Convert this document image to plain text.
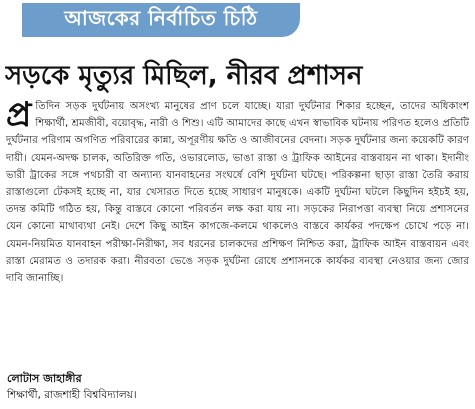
আজকের নির্বাচিত চিঠি
সড়কে মৃত্যুর মিছিল, নীরব প্রশাসন
প্র তিদিন সড়ক দুর্ঘটনায় অসংখ্য মানুষের প্রাণ চলে যাচ্ছে। যারা দুর্ঘটনার শিকার হচ্ছেন, তাদের অধিকাংশ শিক্ষার্থী, শ্রমজীবী, বয়োবৃদ্ধ, নারী ও শিশু। এটি আমাদের কাছে এখন স্বাভাবিক ঘটনায় পরিণত হলেও প্রতিটি দুর্ঘটনার পরিণাম অগণিত পরিবারের কান্না, অপূরণীয় ক্ষতি ও আজীবনের বেদনা। সড়ক দুর্ঘটনার জন্য কয়েকটি কারণ দায়ী। যেমন-অদক্ষ চালক, অতিরিক্ত গতি, ওভারলোড, ভাঙা রাস্তা ও ট্রাফিক আইনের বাস্তবায়ন না থাকা। ইদানীং ভারী ট্রাকের সঙ্গে পথচারী বা অন্যান্য যানবাহনের সংঘর্ষে বেশি দুর্ঘটনা ঘটছে। পরিকল্পনা ছাড়া রাস্তা তৈরি করায় রাস্তাগুলো টেকসই হচ্ছে না, যার খেসারত দিতে হচ্ছে সাধারণ মানুষকে। একটি দুর্ঘটনা ঘটলে কিছুদিন হইচই হয়, তদন্ত কমিটি গঠিত হয়, কিন্তু বাস্তবে কোনো পরিবর্তন লক্ষ করা যায় না। সড়কের নিরাপত্তা ব্যবস্থা নিয়ে প্রশাসনের যেন কোনো মাথাব্যথা নেই। দেশে কিছু আইন কাগজে-কলমে থাকলেও বাস্তবে কার্যকর পদক্ষেপ চোখে পড়ে না। যেমন-নিয়মিত যানবাহন পরীক্ষা-নিরীক্ষা, সব ধরনের চালকদের প্রশিক্ষণ নিশ্চিত করা, ট্রাফিক আইন বাস্তবায়ন এবং রাস্তা মেরামত ও তদারক করা। নীরবতা ভেঙে সড়ক দুর্ঘটনা রোধে প্রশাসনকে কার্যকর ব্যবস্থা নেওয়ার জন্য জোর দাবি জানাচ্ছি।
লোটাস জাহাঙ্গীর
শিক্ষার্থী, রাজশাহী বিশ্ববিদ্যালয়।
